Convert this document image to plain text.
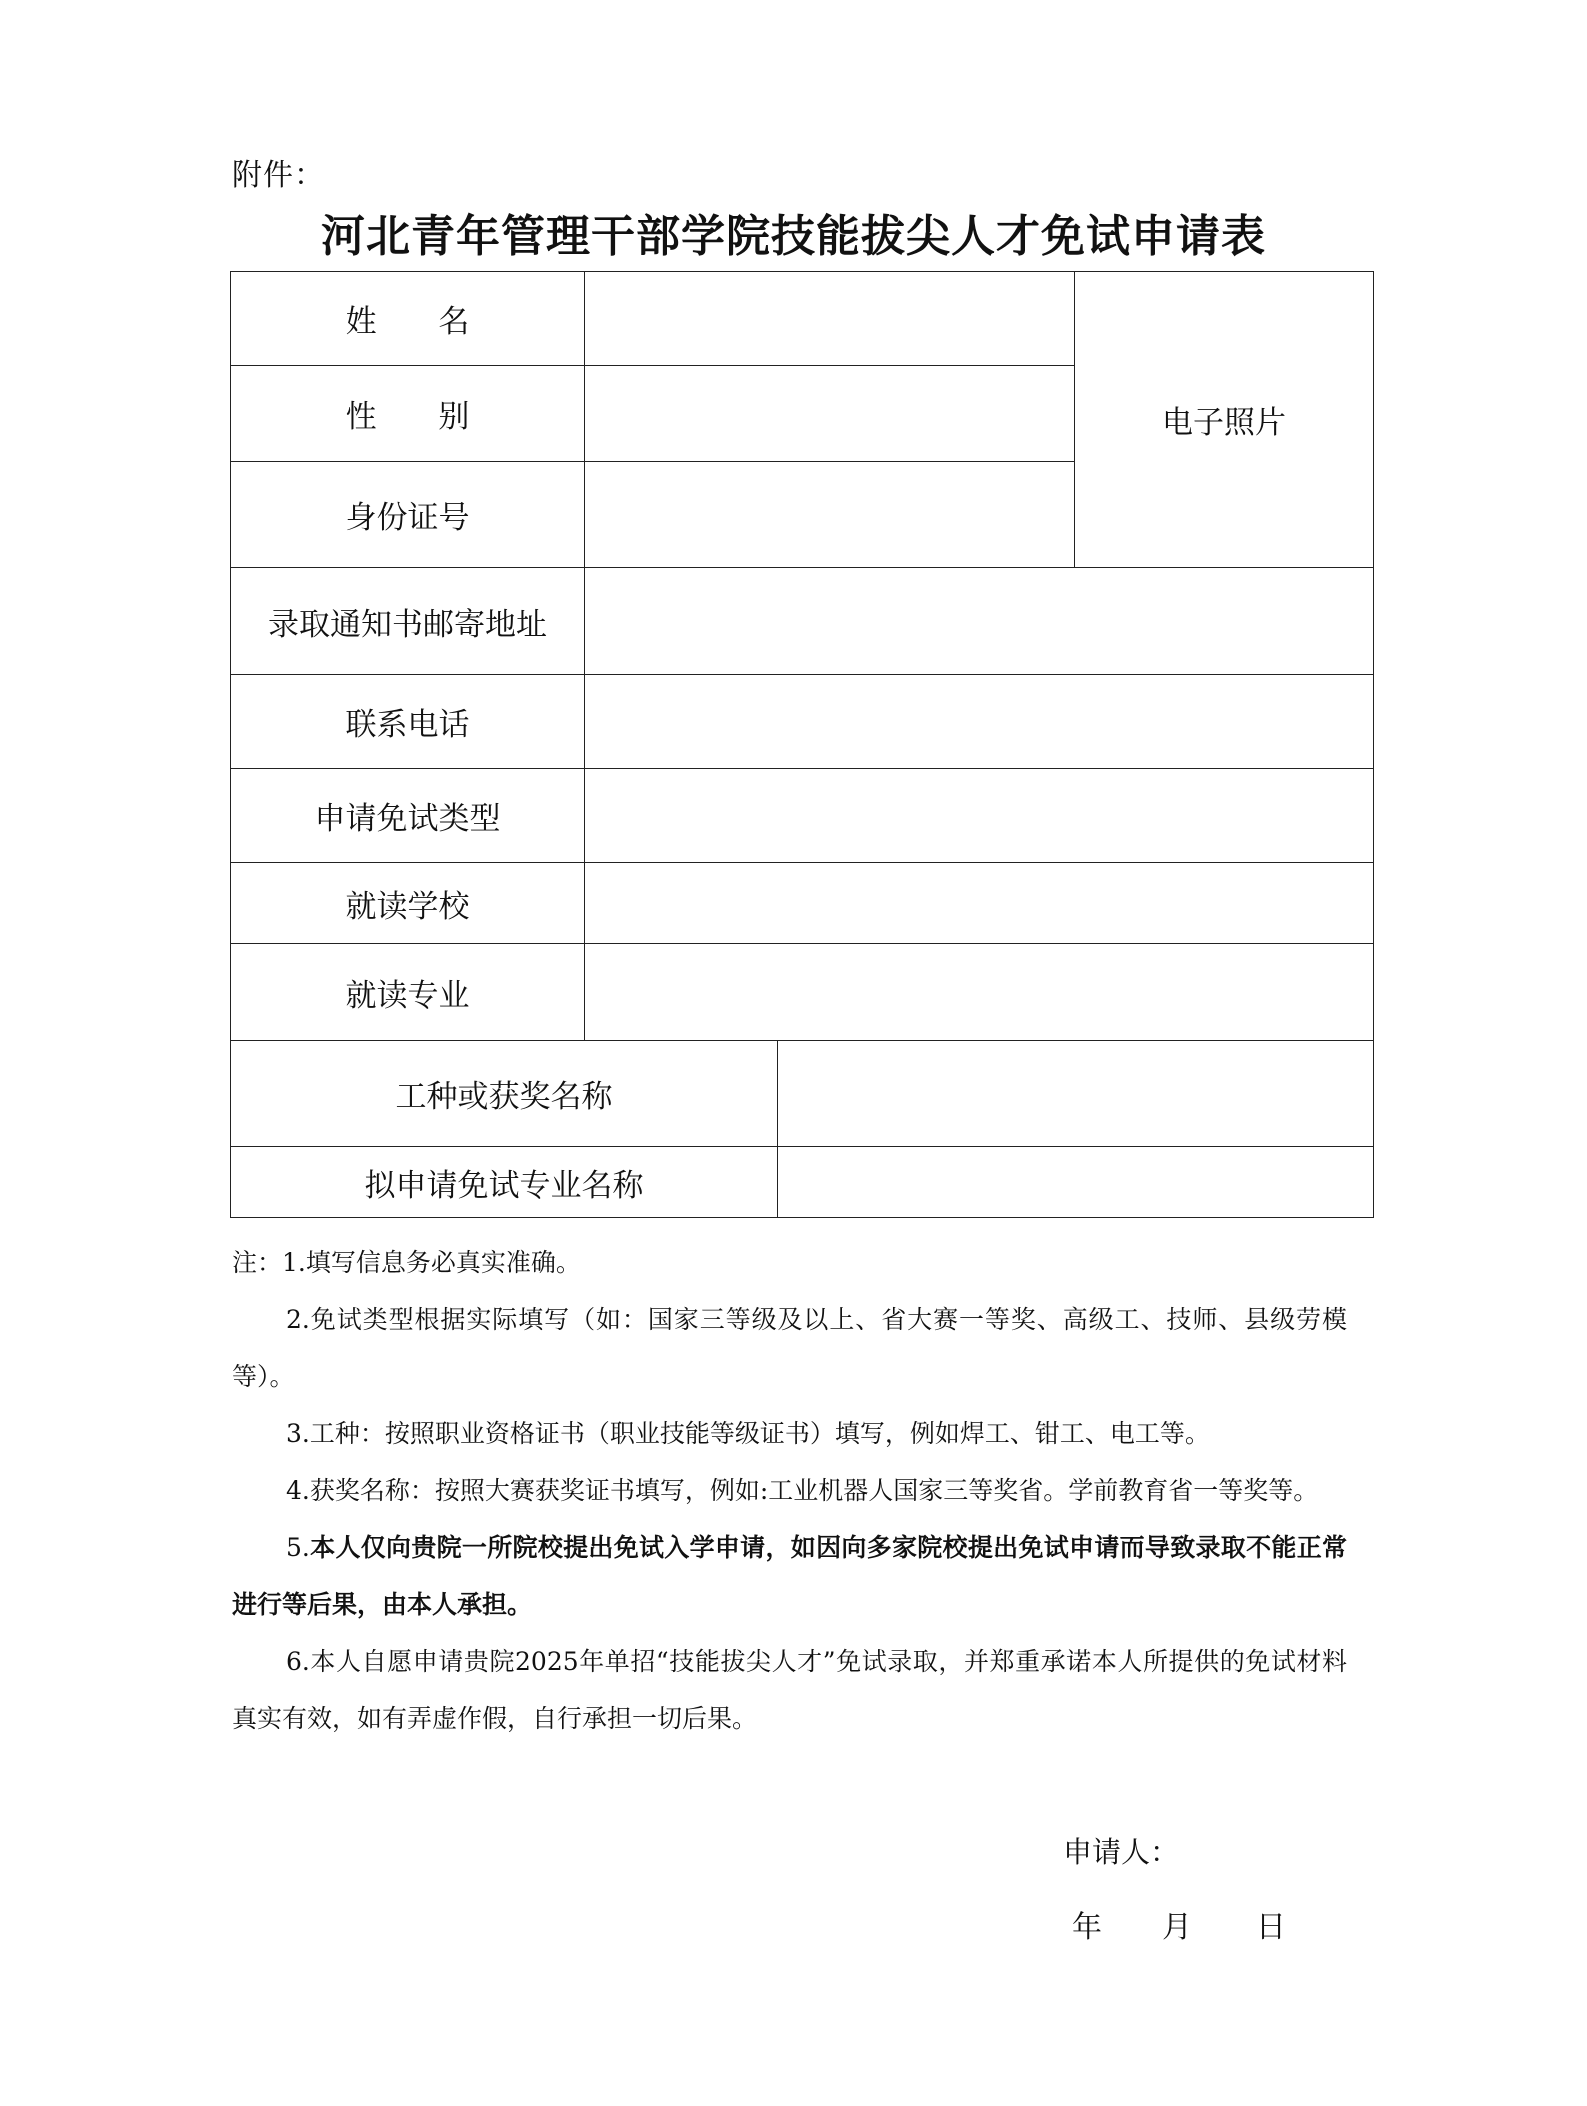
附件：
河北青年管理干部学院技能拔尖人才免试申请表
姓 名			电子照片
性 别			
身份证号			
录取通知书邮寄地址			
联系电话			
申请免试类型			
就读学校			
就读专业			
工种或获奖名称			
拟申请免试专业名称			

注：1.填写信息务必真实准确。

2.免试类型根据实际填写（如：国家三等级及以上、省大赛一等奖、高级工、技师、县级劳模等）。

3.工种：按照职业资格证书（职业技能等级证书）填写，例如焊工、钳工、电工等。

4.获奖名称：按照大赛获奖证书填写，例如:工业机器人国家三等奖省。学前教育省一等奖等。

5.本人仅向贵院一所院校提出免试入学申请，如因向多家院校提出免试申请而导致录取不能正常进行等后果，由本人承担。

6.本人自愿申请贵院2025年单招“技能拔尖人才”免试录取，并郑重承诺本人所提供的免试材料真实有效，如有弄虚作假，自行承担一切后果。

申请人：
年 月 日
